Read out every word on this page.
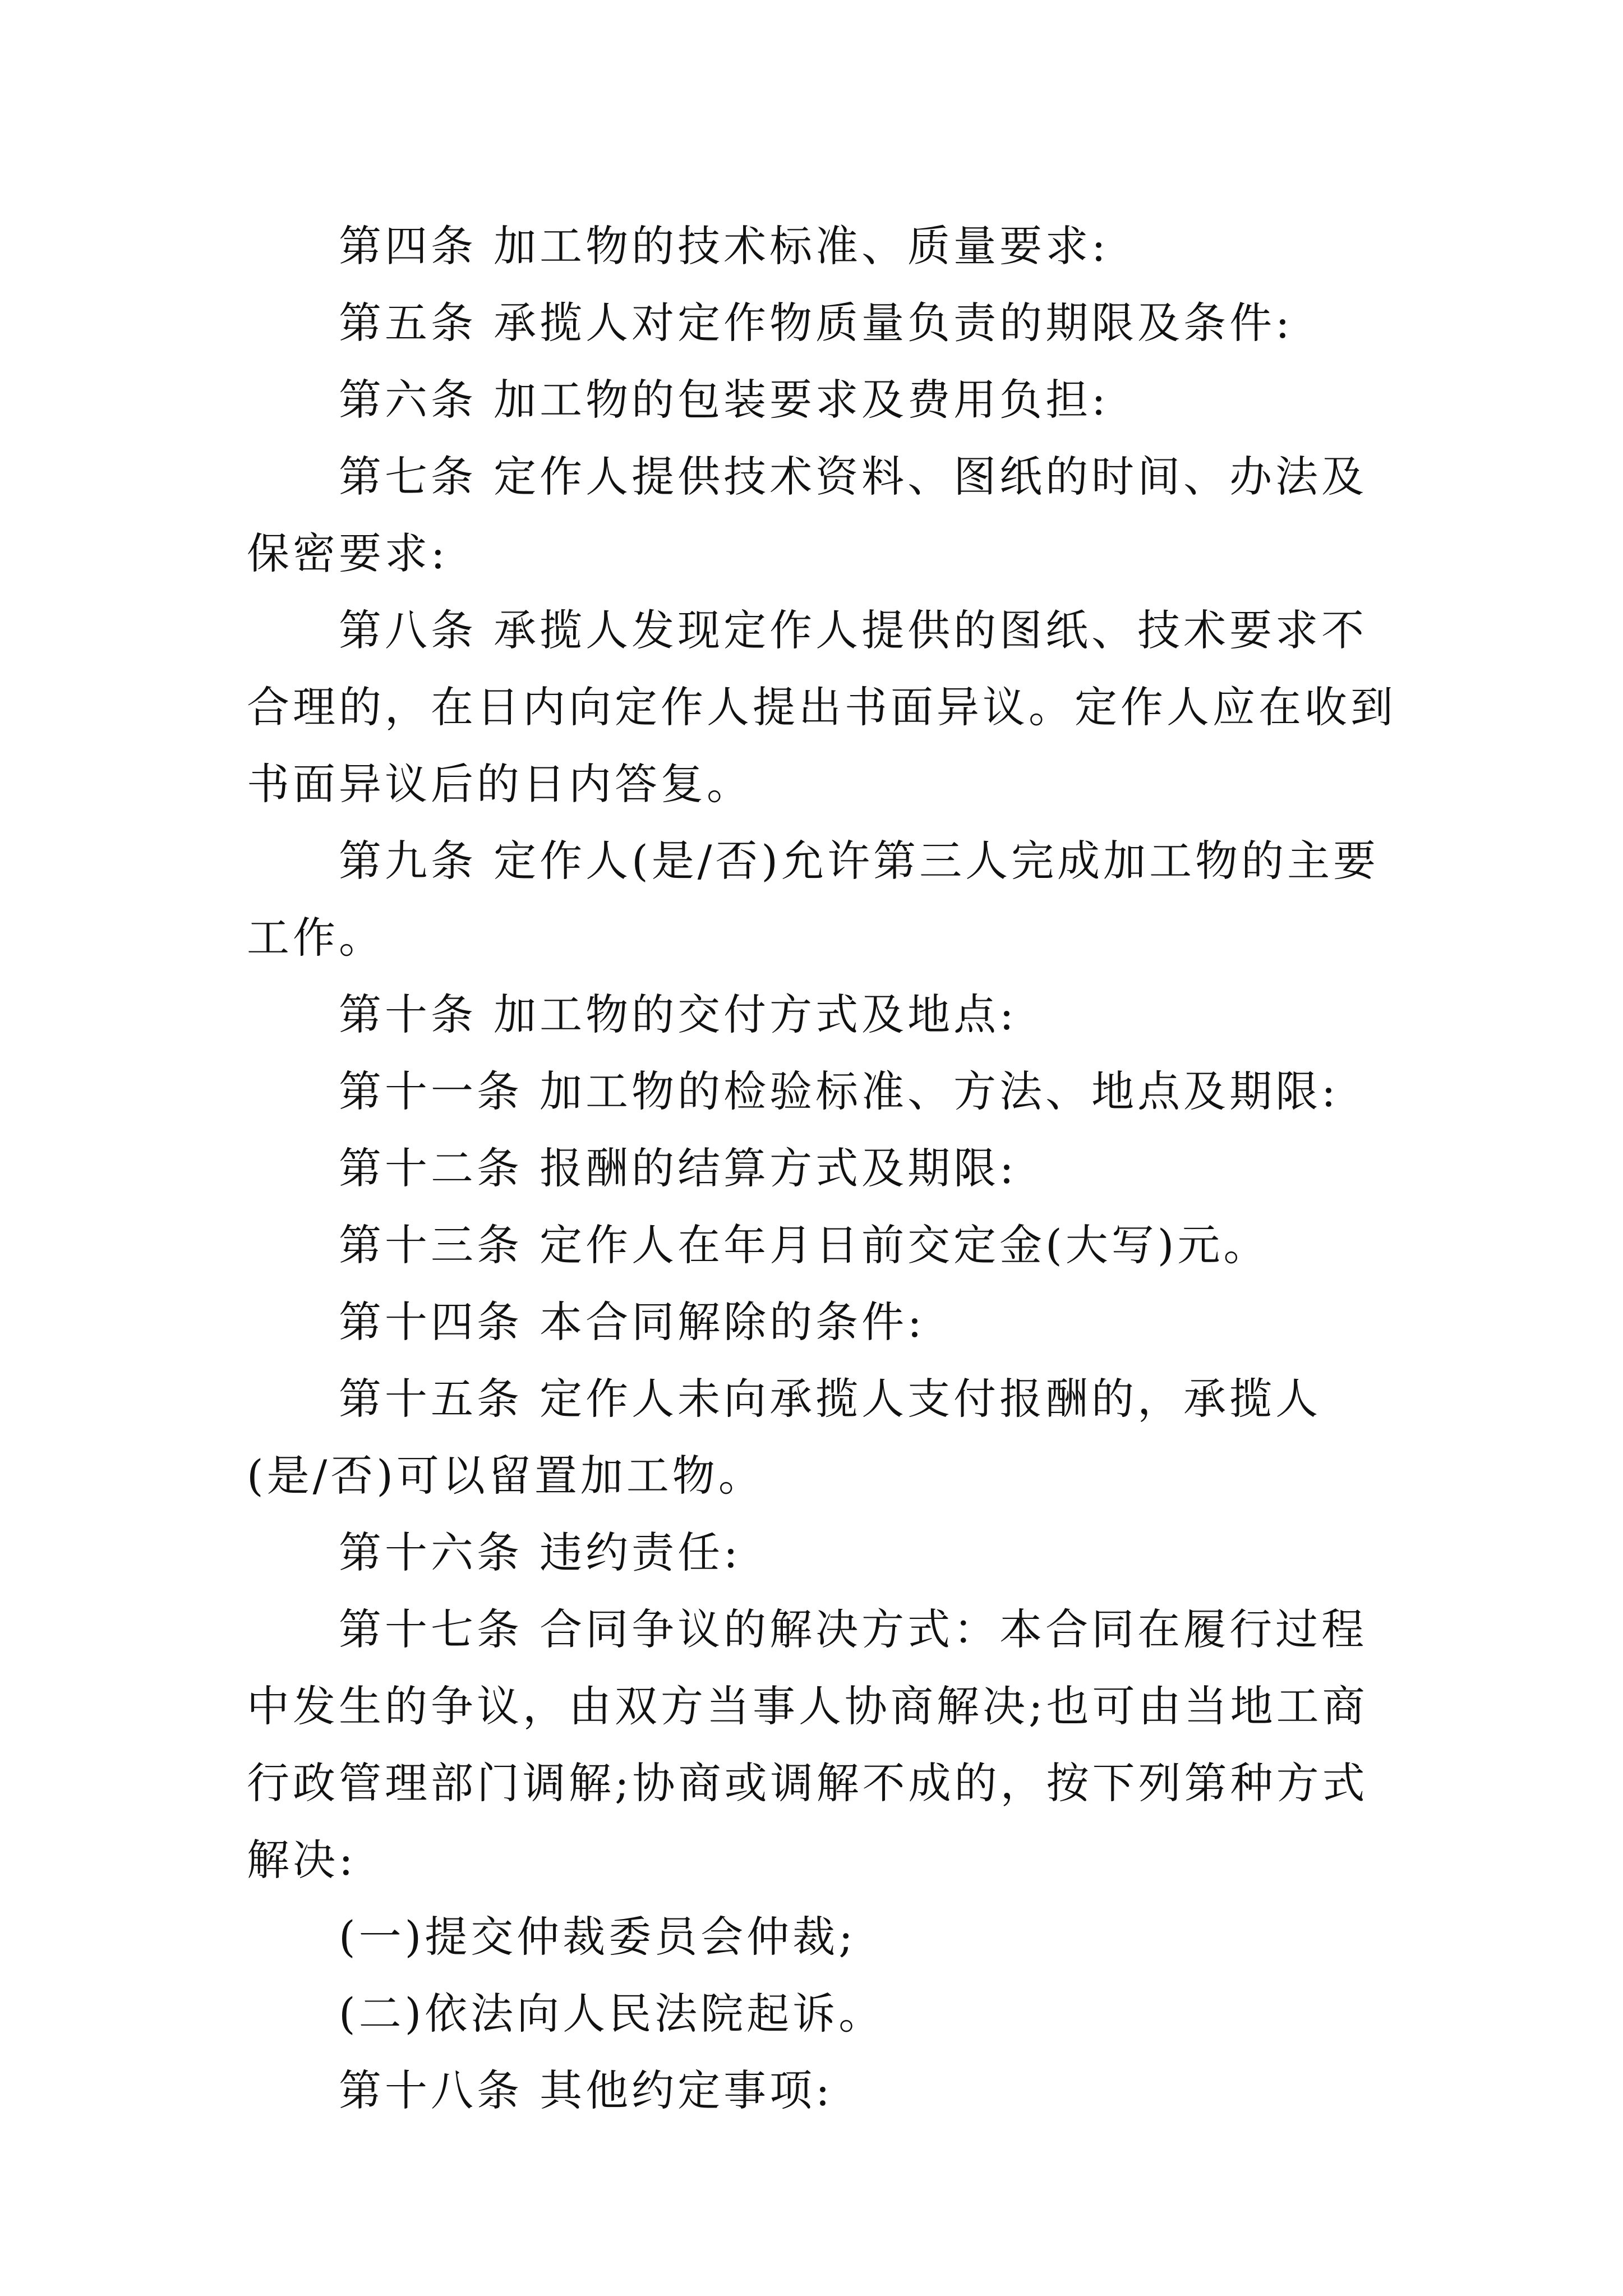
第四条 加工物的技术标准、质量要求:

第五条 承揽人对定作物质量负责的期限及条件:

第六条 加工物的包装要求及费用负担:

第七条 定作人提供技术资料、图纸的时间、办法及保密要求:

第八条 承揽人发现定作人提供的图纸、技术要求不合理的，在日内向定作人提出书面异议。定作人应在收到书面异议后的日内答复。

第九条 定作人(是/否)允许第三人完成加工物的主要工作。

第十条 加工物的交付方式及地点:

第十一条 加工物的检验标准、方法、地点及期限:

第十二条 报酬的结算方式及期限:

第十三条 定作人在年月日前交定金(大写)元。

第十四条 本合同解除的条件:

第十五条 定作人未向承揽人支付报酬的，承揽人(是/否)可以留置加工物。

第十六条 违约责任:

第十七条 合同争议的解决方式：本合同在履行过程中发生的争议，由双方当事人协商解决;也可由当地工商行政管理部门调解;协商或调解不成的，按下列第种方式解决:

(一)提交仲裁委员会仲裁;

(二)依法向人民法院起诉。

第十八条 其他约定事项:
